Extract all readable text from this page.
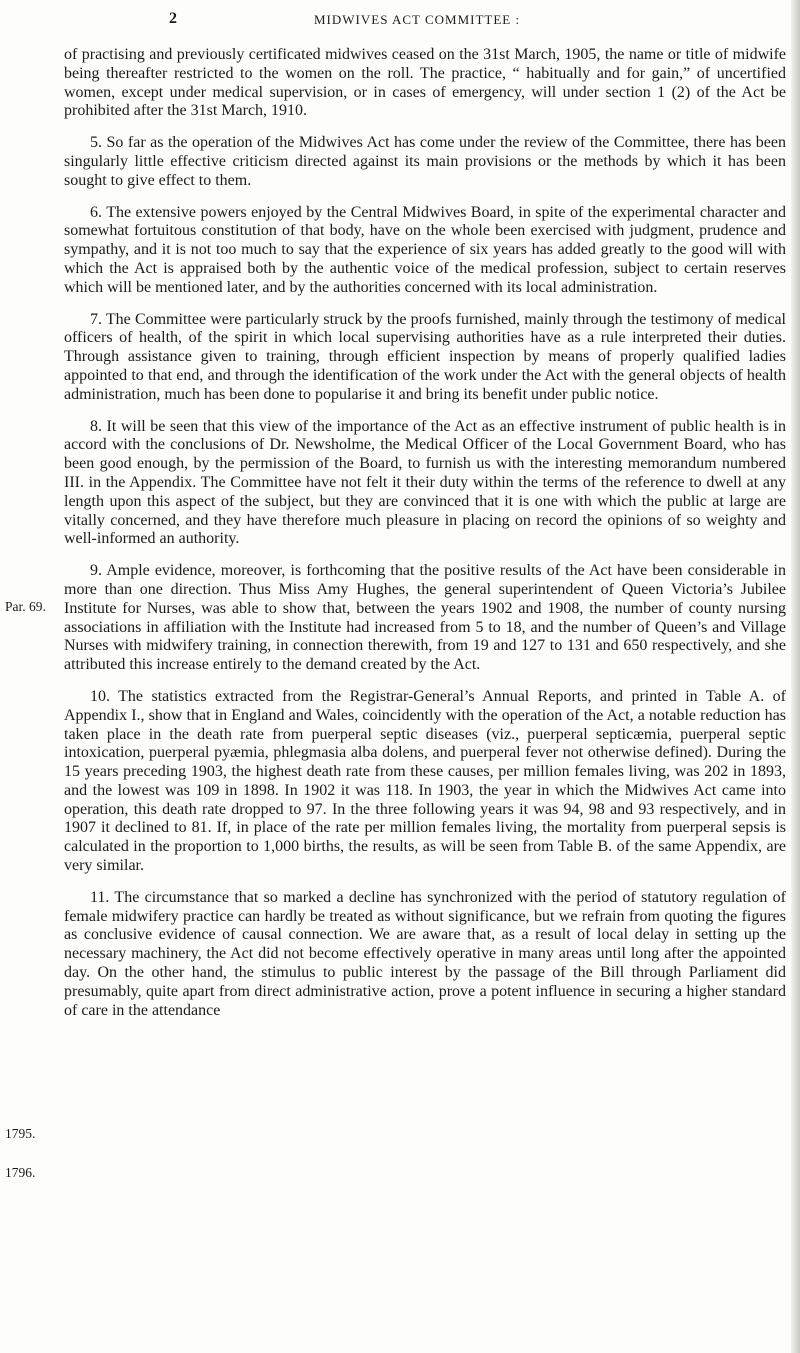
2	MIDWIVES ACT COMMITTEE :
Par. 69.
1795.
1796.

of practising and previously certificated midwives ceased on the 31st March, 1905, the name or title of midwife being thereafter restricted to the women on the roll. The practice, “ habitually and for gain,” of uncertified women, except under medical supervision, or in cases of emergency, will under section 1 (2) of the Act be prohibited after the 31st March, 1910.

5. So far as the operation of the Midwives Act has come under the review of the Committee, there has been singularly little effective criticism directed against its main provisions or the methods by which it has been sought to give effect to them.

6. The extensive powers enjoyed by the Central Midwives Board, in spite of the experimental character and somewhat fortuitous constitution of that body, have on the whole been exercised with judgment, prudence and sympathy, and it is not too much to say that the experience of six years has added greatly to the good will with which the Act is appraised both by the authentic voice of the medical profession, subject to certain reserves which will be mentioned later, and by the authorities concerned with its local administration.

7. The Committee were particularly struck by the proofs furnished, mainly through the testimony of medical officers of health, of the spirit in which local supervising authorities have as a rule interpreted their duties. Through assistance given to training, through efficient inspection by means of properly qualified ladies appointed to that end, and through the identification of the work under the Act with the general objects of health administration, much has been done to popularise it and bring its benefit under public notice.

8. It will be seen that this view of the importance of the Act as an effective instrument of public health is in accord with the conclusions of Dr. Newsholme, the Medical Officer of the Local Government Board, who has been good enough, by the permission of the Board, to furnish us with the interesting memorandum numbered III. in the Appendix. The Committee have not felt it their duty within the terms of the reference to dwell at any length upon this aspect of the subject, but they are convinced that it is one with which the public at large are vitally concerned, and they have therefore much pleasure in placing on record the opinions of so weighty and well-informed an authority.

9. Ample evidence, moreover, is forthcoming that the positive results of the Act have been considerable in more than one direction. Thus Miss Amy Hughes, the general superintendent of Queen Victoria’s Jubilee Institute for Nurses, was able to show that, between the years 1902 and 1908, the number of county nursing associations in affiliation with the Institute had increased from 5 to 18, and the number of Queen’s and Village Nurses with midwifery training, in connection therewith, from 19 and 127 to 131 and 650 respectively, and she attributed this increase entirely to the demand created by the Act.

10. The statistics extracted from the Registrar-General’s Annual Reports, and printed in Table A. of Appendix I., show that in England and Wales, coincidently with the operation of the Act, a notable reduction has taken place in the death rate from puerperal septic diseases (viz., puerperal septicæmia, puerperal septic intoxication, puerperal pyæmia, phlegmasia alba dolens, and puerperal fever not otherwise defined). During the 15 years preceding 1903, the highest death rate from these causes, per million females living, was 202 in 1893, and the lowest was 109 in 1898. In 1902 it was 118. In 1903, the year in which the Midwives Act came into operation, this death rate dropped to 97. In the three following years it was 94, 98 and 93 respectively, and in 1907 it declined to 81. If, in place of the rate per million females living, the mortality from puerperal sepsis is calculated in the proportion to 1,000 births, the results, as will be seen from Table B. of the same Appendix, are very similar.

11. The circumstance that so marked a decline has synchronized with the period of statutory regulation of female midwifery practice can hardly be treated as without significance, but we refrain from quoting the figures as conclusive evidence of causal connection. We are aware that, as a result of local delay in setting up the necessary machinery, the Act did not become effectively operative in many areas until long after the appointed day. On the other hand, the stimulus to public interest by the passage of the Bill through Parliament did presumably, quite apart from direct administrative action, prove a potent influence in securing a higher standard of care in the attendance
